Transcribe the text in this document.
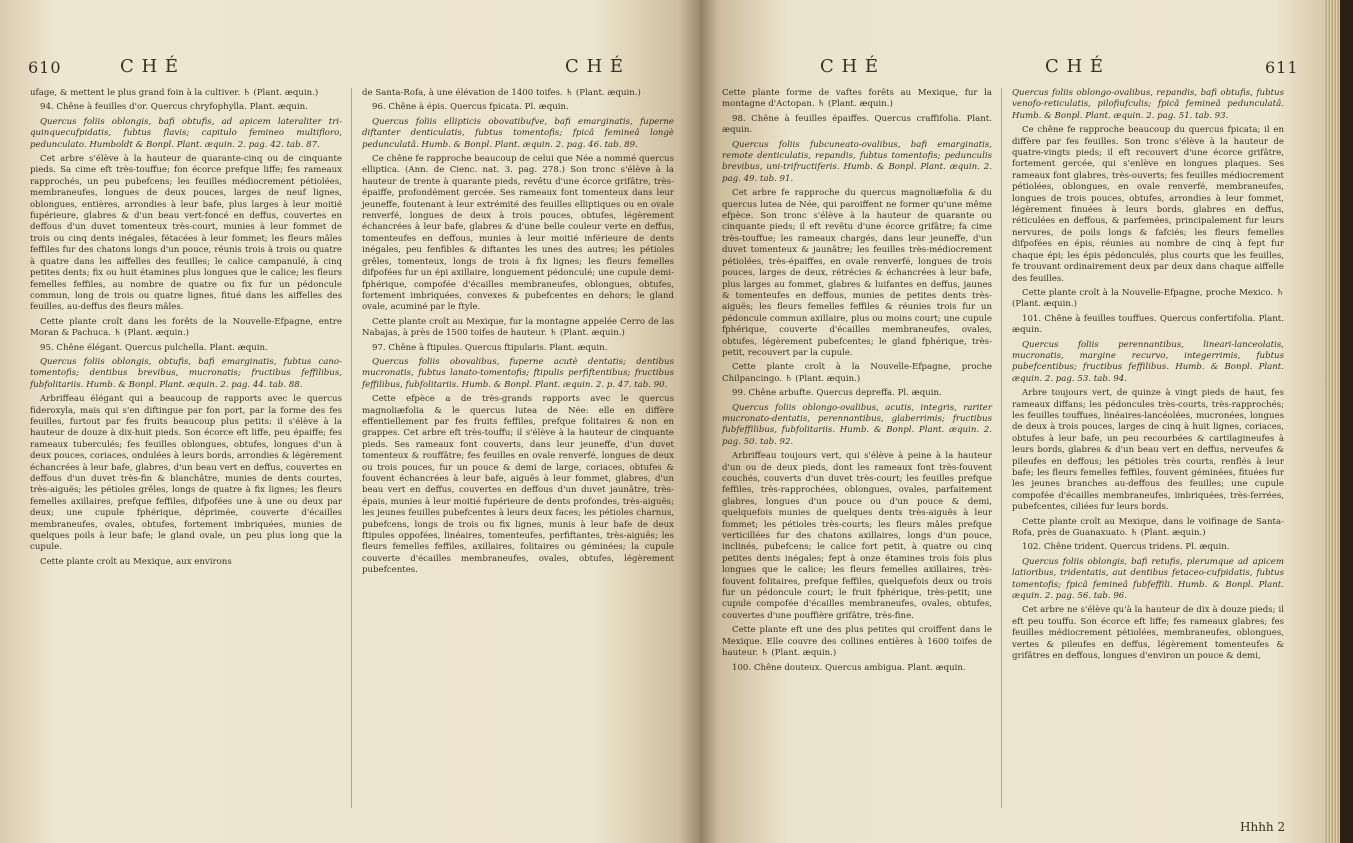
610	C H É	C H É

ufage, & mettent le plus grand foin à la cultiver. ♄ (Plant. æquin.)

94. Chêne à feuilles d'or. Quercus chryfophylla. Plant. æquin.

Quercus foliis oblongis, bafi obtufis, ad apicem lateraliter tri-quinquecufpidatis, fubtus flavis; capitulo femineo multifloro, pedunculato. Humboldt & Bonpl. Plant. æquin. 2. pag. 42. tab. 87.

Cet arbre s'élève à la hauteur de quarante-cinq ou de cinquante pieds. Sa cime eft très-touffue; fon écorce prefque liffe; fes rameaux rapprochés, un peu pubefcens; les feuilles médiocrement pétiolées, membraneufes, longues de deux pouces, larges de neuf lignes, oblongues, entières, arrondies à leur bafe, plus larges à leur moitié fupérieure, glabres & d'un beau vert-foncé en deffus, couvertes en deffous d'un duvet tomenteux très-court, munies à leur fommet de trois ou cinq dents inégales, fétacées à leur fommet; les fleurs mâles feffiles fur des chatons longs d'un pouce, réunis trois à trois ou quatre à quatre dans les aiffelles des feuilles; le calice campanulé, à cinq petites dents; fix ou huit étamines plus longues que le calice; les fleurs femelles feffiles, au nombre de quatre ou fix fur un pédoncule commun, long de trois ou quatre lignes, fitué dans les aiffelles des feuilles, au-deffus des fleurs mâles.

Cette plante croît dans les forêts de la Nouvelle-Efpagne, entre Moran & Pachuca. ♄ (Plant. æquin.)

95. Chêne élégant. Quercus pulchella. Plant. æquin.

Quercus foliis oblongis, obtufis, bafi emarginatis, fubtus cano-tomentofis; dentibus brevibus, mucronatis; fructibus feffilibus, fubfolitariis. Humb. & Bonpl. Plant. æquin. 2. pag. 44. tab. 88.

Arbriffeau élégant qui a beaucoup de rapports avec le quercus fideroxyla, mais qui s'en diftingue par fon port, par la forme des fes feuilles, furtout par fes fruits beaucoup plus petits: il s'élève à la hauteur de douze à dix-huit pieds. Son écorce eft liffe, peu épaiffe; fes rameaux tuberculés; fes feuilles oblongues, obtufes, longues d'un à deux pouces, coriaces, ondulées à leurs bords, arrondies & légèrement échancrées à leur bafe, glabres, d'un beau vert en deffus, couvertes en deffous d'un duvet très-fin & blanchâtre, munies de dents courtes, très-aiguës; les pétioles grêles, longs de quatre à fix lignes; les fleurs femelles axillaires, prefque feffiles, difpofées une à une ou deux par deux; une cupule fphérique, déprimée, couverte d'écailles membraneufes, ovales, obtufes, fortement imbriquées, munies de quelques poils à leur bafe; le gland ovale, un peu plus long que la cupule.

Cette plante croît au Mexique, aux environs

de Santa-Rofa, à une élévation de 1400 toifes. ♄ (Plant. æquin.)

96. Chêne à épis. Quercus fpicata. Pl. æquin.

Quercus foliis ellipticis obovatibufve, bafi emarginatis, fuperne diftanter denticulatis, fubtus tomentofis; fpicâ femineâ longè pedunculatâ. Humb. & Bonpl. Plant. æquin. 2. pag. 46. tab. 89.

Ce chêne fe rapproche beaucoup de celui que Née a nommé quercus elliptica. (Ann. de Cienc. nat. 3. pag. 278.) Son tronc s'élève à la hauteur de trente à quarante pieds, revêtu d'une écorce grifâtre, très-épaiffe, profondément gercée. Ses rameaux font tomenteux dans leur jeuneffe, foutenant à leur extrémité des feuilles elliptiques ou en ovale renverfé, longues de deux à trois pouces, obtufes, légèrement échancrées à leur bafe, glabres & d'une belle couleur verte en deffus, tomenteufes en deffous, munies à leur moitié inférieure de dents inégales, peu fenfibles & diftantes les unes des autres; les pétioles grêles, tomenteux, longs de trois à fix lignes; les fleurs femelles difpofées fur un épi axillaire, longuement pédonculé; une cupule demi-fphérique, compofée d'écailles membraneufes, oblongues, obtufes, fortement imbriquées, convexes & pubefcentes en dehors; le gland ovale, acuminé par le ftyle.

Cette plante croît au Mexique, fur la montagne appelée Cerro de las Nabajas, à près de 1500 toifes de hauteur. ♄ (Plant. æquin.)

97. Chêne à ftipules. Quercus ftipularis. Plant. æquin.

Quercus foliis obovalibus, fuperne acutè dentatis; dentibus mucronatis, fubtus lanato-tomentofis; ftipulis perfiftentibus; fructibus feffilibus, fubfolitariis. Humb. & Bonpl. Plant. æquin. 2. p. 47. tab. 90.

Cette efpèce a de très-grands rapports avec le quercus magnoliæfolia & le quercus lutea de Née: elle en diffère effentiellement par fes fruits feffiles, prefque folitaires & non en grappes. Cet arbre eft très-touffu; il s'élève à la hauteur de cinquante pieds. Ses rameaux font couverts, dans leur jeuneffe, d'un duvet tomenteux & rouffâtre; fes feuilles en ovale renverfé, longues de deux ou trois pouces, fur un pouce & demi de large, coriaces, obtufes & fouvent échancrées à leur bafe, aiguës à leur fommet, glabres, d'un beau vert en deffus, couvertes en deffous d'un duvet jaunâtre, très-épais, munies à leur moitié fupérieure de dents profondes, très-aiguës; les jeunes feuilles pubefcentes à leurs deux faces; les pétioles charnus, pubefcens, longs de trois ou fix lignes, munis à leur bafe de deux ftipules oppofées, linéaires, tomenteufes, perfiftantes, très-aiguës; les fleurs femelles feffiles, axillaires, folitaires ou géminées; la cupule couverte d'écailles membraneufes, ovales, obtufes, légèrement pubefcentes.

C H É	C H É	611

Cette plante forme de vaftes forêts au Mexique, fur la montagne d'Actopan. ♄ (Plant. æquin.)

98. Chêne à feuilles épaiffes. Quercus craffifolia. Plant. æquin.

Quercus foliis fubcuneato-ovalibus, bafi emarginatis, remote denticulatis, repandis, fubtus tomentofis; pedunculis brevibus, uni-trifructiferis. Humb. & Bonpl. Plant. æquin. 2. pag. 49. tab. 91.

Cet arbre fe rapproche du quercus magnoliæfolia & du quercus lutea de Née, qui paroiffent ne former qu'une même efpèce. Son tronc s'élève à la hauteur de quarante ou cinquante pieds; il eft revêtu d'une écorce grifâtre; fa cime très-touffue; les rameaux chargés, dans leur jeuneffe, d'un duvet tomenteux & jaunâtre; les feuilles très-médiocrement pétiolées, très-épaiffes, en ovale renverfé, longues de trois pouces, larges de deux, rétrécies & échancrées à leur bafe, plus larges au fommet, glabres & luifantes en deffus, jaunes & tomenteufes en deffous, munies de petites dents très-aiguës; les fleurs femelles feffiles & réunies trois fur un pédoncule commun axillaire, plus ou moins court; une cupule fphérique, couverte d'écailles membraneufes, ovales, obtufes, légèrement pubefcentes; le gland fphérique, très-petit, recouvert par la cupule.

Cette plante croît à la Nouvelle-Efpagne, proche Chilpancingo. ♄ (Plant. æquin.)

99. Chêne arbufte. Quercus depreffa. Pl. æquin.

Quercus foliis oblongo-ovalibus, acutis, integris, rariter mucronato-dentatis, perennantibus, glaberrimis; fructibus fubfeffilibus, fubfolitariis. Humb. & Bonpl. Plant. æquin. 2. pag. 50. tab. 92.

Arbriffeau toujours vert, qui s'élève à peine à la hauteur d'un ou de deux pieds, dont les rameaux font très-fouvent couchés, couverts d'un duvet très-court; les feuilles prefque feffiles, très-rapprochées, oblongues, ovales, parfaitement glabres, longues d'un pouce ou d'un pouce & demi, quelquefois munies de quelques dents très-aiguës à leur fommet; les pétioles très-courts; les fleurs mâles prefque verticillées fur des chatons axillaires, longs d'un pouce, inclinés, pubefcens; le calice fort petit, à quatre ou cinq petites dents inégales; fept à onze étamines trois fois plus longues que le calice; les fleurs femelles axillaires, très-fouvent folitaires, prefque feffiles, quelquefois deux ou trois fur un pédoncule court; le fruit fphérique, très-petit; une cupule compofée d'écailles membraneufes, ovales, obtufes, couvertes d'une pouffière grifâtre, très-fine.

Cette plante eft une des plus petites qui croiffent dans le Mexique. Elle couvre des collines entières à 1600 toifes de hauteur. ♄ (Plant. æquin.)

100. Chêne douteux. Quercus ambigua. Plant. æquin.

Quercus foliis oblongo-ovalibus, repandis, bafi obtufis, fubtus venofo-reticulatis, pilofiufculis; fpicâ femineâ pedunculatâ. Humb. & Bonpl. Plant. æquin. 2. pag. 51. tab. 93.

Ce chêne fe rapproche beaucoup du quercus fpicata; il en diffère par fes feuilles. Son tronc s'élève à la hauteur de quatre-vingts pieds; il eft recouvert d'une écorce grifâtre, fortement gercée, qui s'enlève en longues plaques. Ses rameaux font glabres, très-ouverts; fes feuilles médiocrement pétiolées, oblongues, en ovale renverfé, membraneufes, longues de trois pouces, obtufes, arrondies à leur fommet, légèrement finuées à leurs bords, glabres en deffus, réticulées en deffous, & parfemées, principalement fur leurs nervures, de poils longs & fafciés; les fleurs femelles difpofées en épis, réunies au nombre de cinq à fept fur chaque épi; les épis pédonculés, plus courts que les feuilles, fe trouvant ordinairement deux par deux dans chaque aiffelle des feuilles.

Cette plante croît à la Nouvelle-Efpagne, proche Mexico. ♄ (Plant. æquin.)

101. Chêne à feuilles touffues. Quercus confertifolia. Plant. æquin.

Quercus foliis perennantibus, lineari-lanceolatis, mucronatis, margine recurvo, integerrimis, fubtus pubefcentibus; fructibus feffilibus. Humb. & Bonpl. Plant. æquin. 2. pag. 53. tab. 94.

Arbre toujours vert, de quinze à vingt pieds de haut, fes rameaux diffans; les pédoncules très-courts, très-rapprochés; les feuilles touffues, linéaires-lancéolées, mucronées, longues de deux à trois pouces, larges de cinq à huit lignes, coriaces, obtufes à leur bafe, un peu recourbées & cartilagineufes à leurs bords, glabres & d'un beau vert en deffus, nerveufes & pileufes en deffous; les pétioles très courts, renflés à leur bafe; les fleurs femelles feffiles, fouvent géminées, fituées fur les jeunes branches au-deffous des feuilles; une cupule compofée d'écailles membraneufes, imbriquées, très-ferrées, pubefcentes, ciliées fur leurs bords.

Cette plante croît au Mexique, dans le voifinage de Santa-Rofa, près de Guanaxuato. ♄ (Plant. æquin.)

102. Chêne trident. Quercus tridens. Pl. æquin.

Quercus foliis oblongis, bafi retufis, plerumque ad apicem latioribus, tridentatis, aut dentibus fetaceo-cufpidatis, fubtus tomentofis; fpicâ femineâ fubfeffili. Humb. & Bonpl. Plant. æquin. 2. pag. 56. tab. 96.

Cet arbre ne s'élève qu'à la hauteur de dix à douze pieds; il eft peu touffu. Son écorce eft liffe; fes rameaux glabres; fes feuilles médiocrement pétiolées, membraneufes, oblongues, vertes & pileufes en deffus, légèrement tomenteufes & grifâtres en deffous, longues d'environ un pouce & demi,

Hhhh 2
